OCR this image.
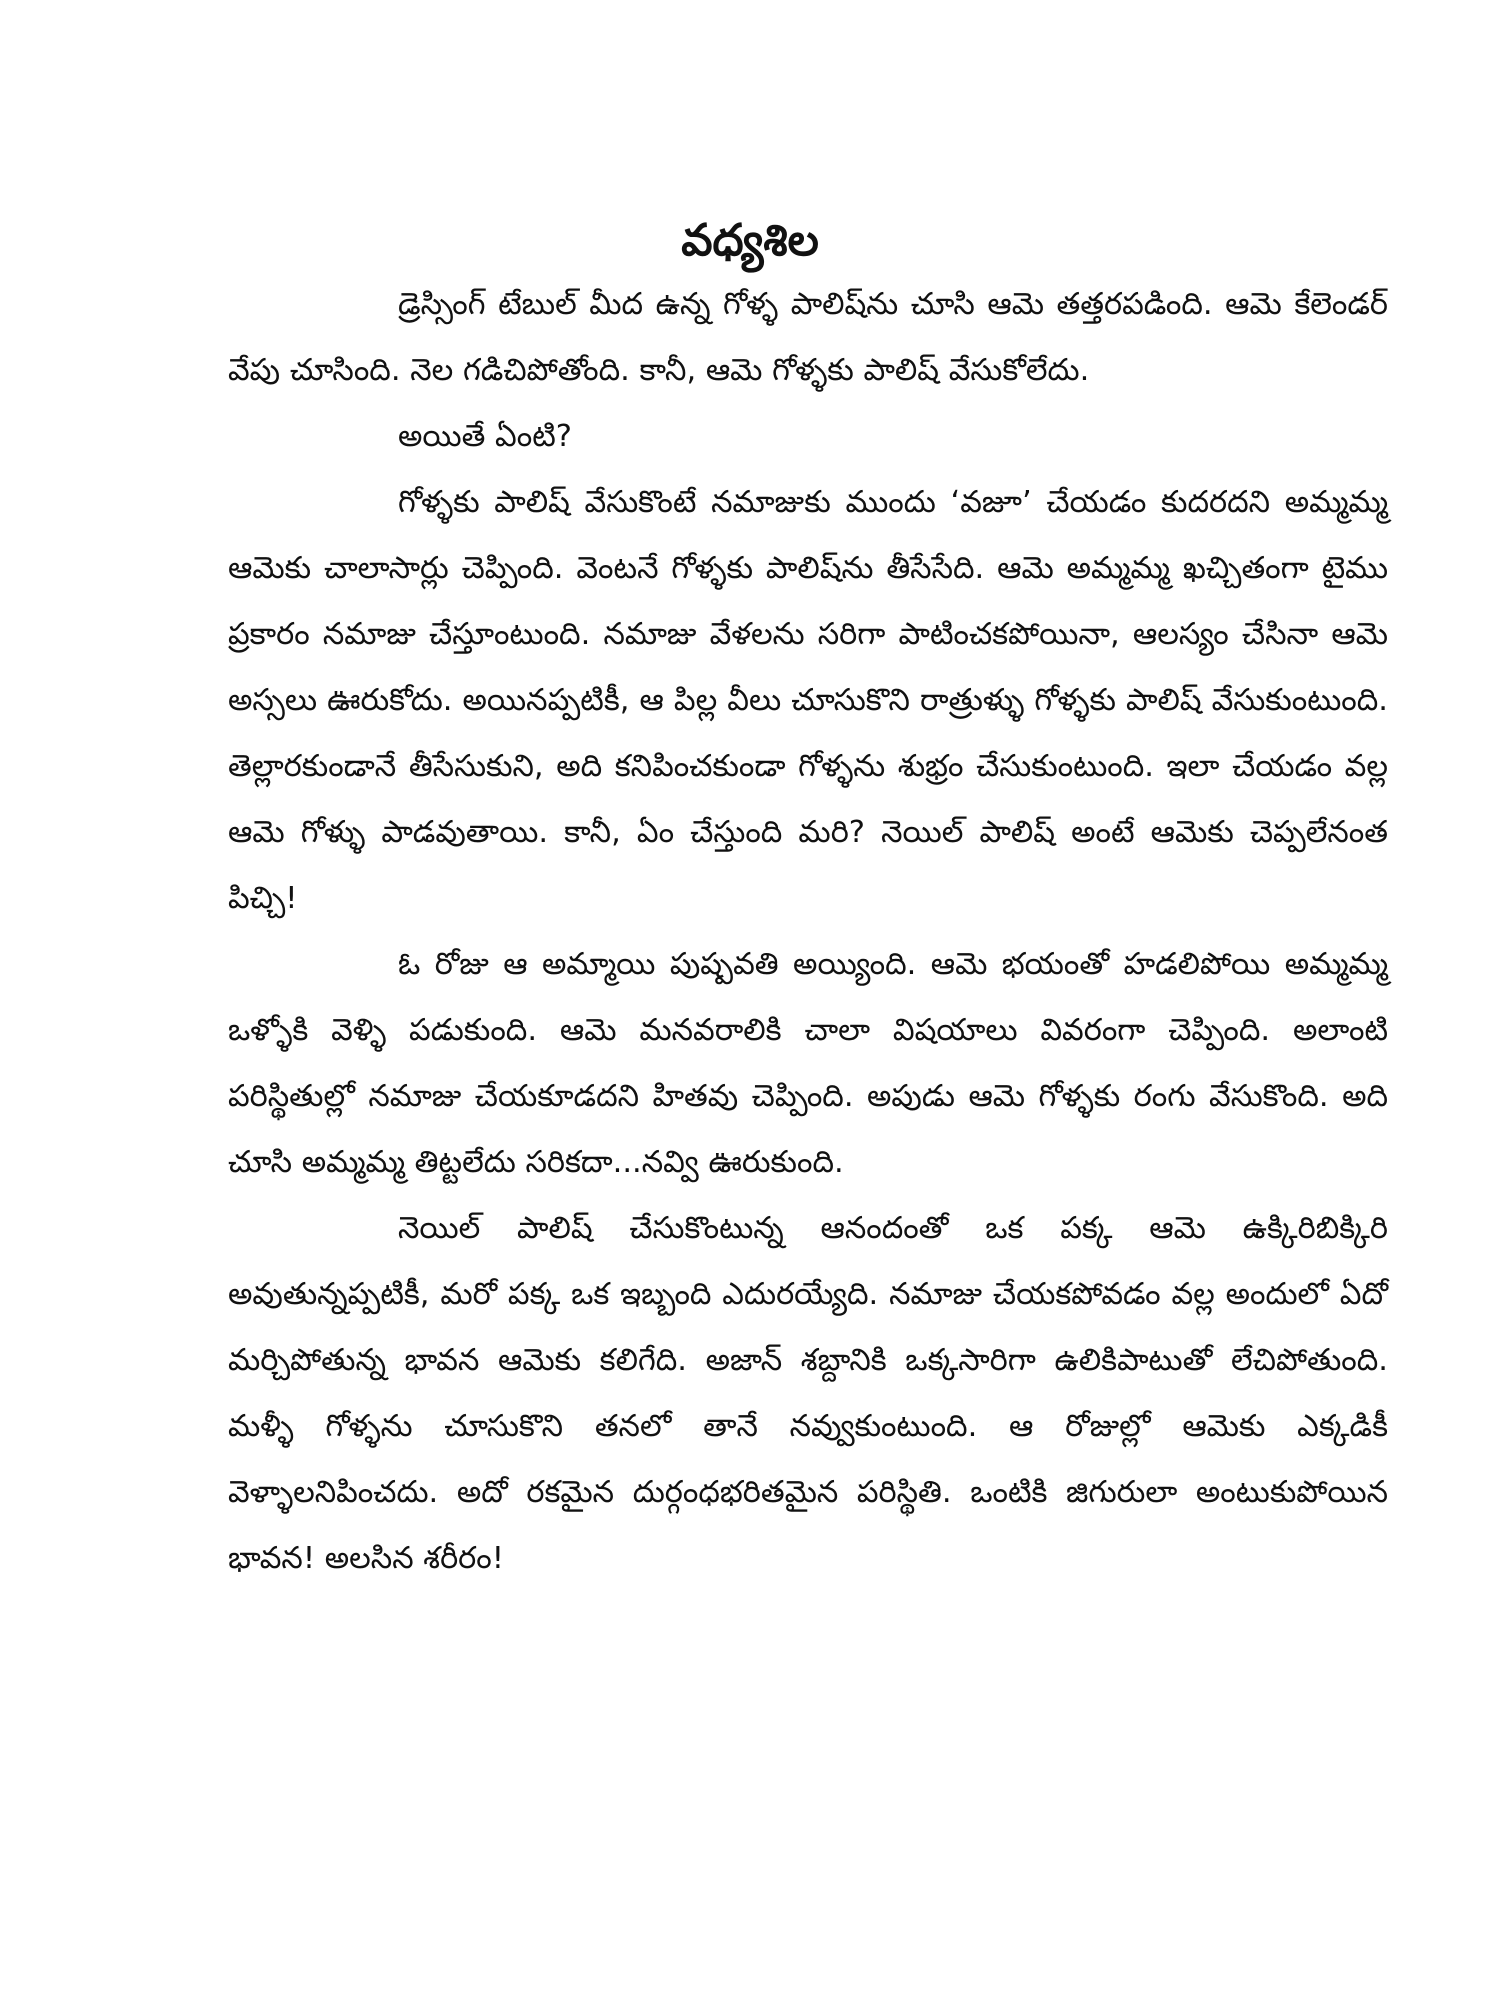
వధ్యశిల

డ్రెస్సింగ్ టేబుల్ మీద ఉన్న గోళ్ళ పాలిష్‌ను చూసి ఆమె తత్తరపడింది. ఆమె కేలెండర్ వేపు చూసింది. నెల గడిచిపోతోంది. కానీ, ఆమె గోళ్ళకు పాలిష్ వేసుకోలేదు.

అయితే ఏంటి?

గోళ్ళకు పాలిష్ వేసుకొంటే నమాజుకు ముందు ‘వజూ’ చేయడం కుదరదని అమ్మమ్మ ఆమెకు చాలాసార్లు చెప్పింది. వెంటనే గోళ్ళకు పాలిష్‌ను తీసేసేది. ఆమె అమ్మమ్మ ఖచ్చితంగా టైము ప్రకారం నమాజు చేస్తూంటుంది. నమాజు వేళలను సరిగా పాటించకపోయినా, ఆలస్యం చేసినా ఆమె అస్సలు ఊరుకోదు. అయినప్పటికీ, ఆ పిల్ల వీలు చూసుకొని రాత్రుళ్ళు గోళ్ళకు పాలిష్ వేసుకుంటుంది. తెల్లారకుండానే తీసేసుకుని, అది కనిపించకుండా గోళ్ళను శుభ్రం చేసుకుంటుంది. ఇలా చేయడం వల్ల ఆమె గోళ్ళు పాడవుతాయి. కానీ, ఏం చేస్తుంది మరి? నెయిల్ పాలిష్ అంటే ఆమెకు చెప్పలేనంత పిచ్చి!

ఓ రోజు ఆ అమ్మాయి పుష్పవతి అయ్యింది. ఆమె భయంతో హడలిపోయి అమ్మమ్మ ఒళ్ళోకి వెళ్ళి పడుకుంది. ఆమె మనవరాలికి చాలా విషయాలు వివరంగా చెప్పింది. అలాంటి పరిస్థితుల్లో నమాజు చేయకూడదని హితవు చెప్పింది. అపుడు ఆమె గోళ్ళకు రంగు వేసుకొంది. అది చూసి అమ్మమ్మ తిట్టలేదు సరికదా...నవ్వి ఊరుకుంది.

నెయిల్ పాలిష్ చేసుకొంటున్న ఆనందంతో ఒక పక్క ఆమె ఉక్కిరిబిక్కిరి అవుతున్నప్పటికీ, మరో పక్క ఒక ఇబ్బంది ఎదురయ్యేది. నమాజు చేయకపోవడం వల్ల అందులో ఏదో మర్చిపోతున్న భావన ఆమెకు కలిగేది. అజాన్ శబ్దానికి ఒక్కసారిగా ఉలికిపాటుతో లేచిపోతుంది. మళ్ళీ గోళ్ళను చూసుకొని తనలో తానే నవ్వుకుంటుంది. ఆ రోజుల్లో ఆమెకు ఎక్కడికీ వెళ్ళాలనిపించదు. అదో రకమైన దుర్గంధభరితమైన పరిస్థితి. ఒంటికి జిగురులా అంటుకుపోయిన భావన! అలసిన శరీరం!
